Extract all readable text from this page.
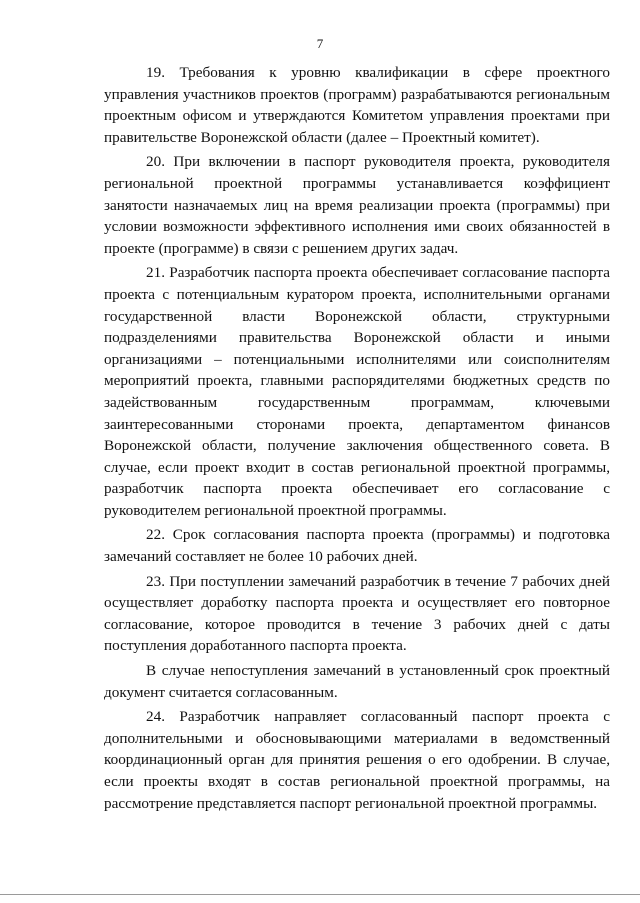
7

19. Требования к уровню квалификации в сфере проектного управления участников проектов (программ) разрабатываются региональным проектным офисом и утверждаются Комитетом управления проектами при правительстве Воронежской области (далее – Проектный комитет).

20. При включении в паспорт руководителя проекта, руководителя региональной проектной программы устанавливается коэффициент занятости назначаемых лиц на время реализации проекта (программы) при условии возможности эффективного исполнения ими своих обязанностей в проекте (программе) в связи с решением других задач.

21. Разработчик паспорта проекта обеспечивает согласование паспорта проекта с потенциальным куратором проекта, исполнительными органами государственной власти Воронежской области, структурными подразделениями правительства Воронежской области и иными организациями – потенциальными исполнителями или соисполнителям мероприятий проекта, главными распорядителями бюджетных средств по задействованным государственным программам, ключевыми заинтересованными сторонами проекта, департаментом финансов Воронежской области, получение заключения общественного совета. В случае, если проект входит в состав региональной проектной программы, разработчик паспорта проекта обеспечивает его согласование с руководителем региональной проектной программы.

22. Срок согласования паспорта проекта (программы) и подготовка замечаний составляет не более 10 рабочих дней.

23. При поступлении замечаний разработчик в течение 7 рабочих дней осуществляет доработку паспорта проекта и осуществляет его повторное согласование, которое проводится в течение 3 рабочих дней с даты поступления доработанного паспорта проекта.

В случае непоступления замечаний в установленный срок проектный документ считается согласованным.

24. Разработчик направляет согласованный паспорт проекта с дополнительными и обосновывающими материалами в ведомственный координационный орган для принятия решения о его одобрении. В случае, если проекты входят в состав региональной проектной программы, на рассмотрение представляется паспорт региональной проектной программы.
